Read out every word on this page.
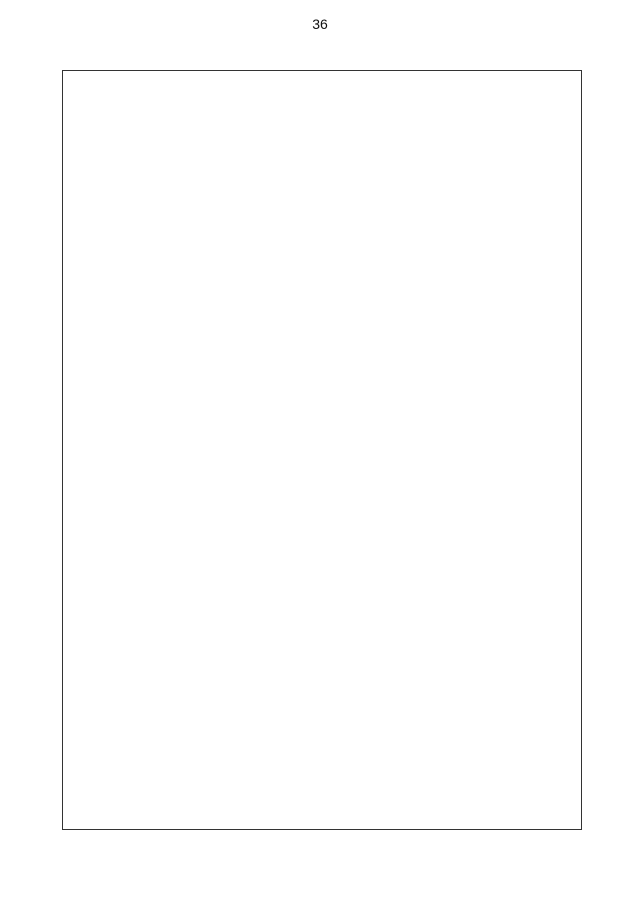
36
